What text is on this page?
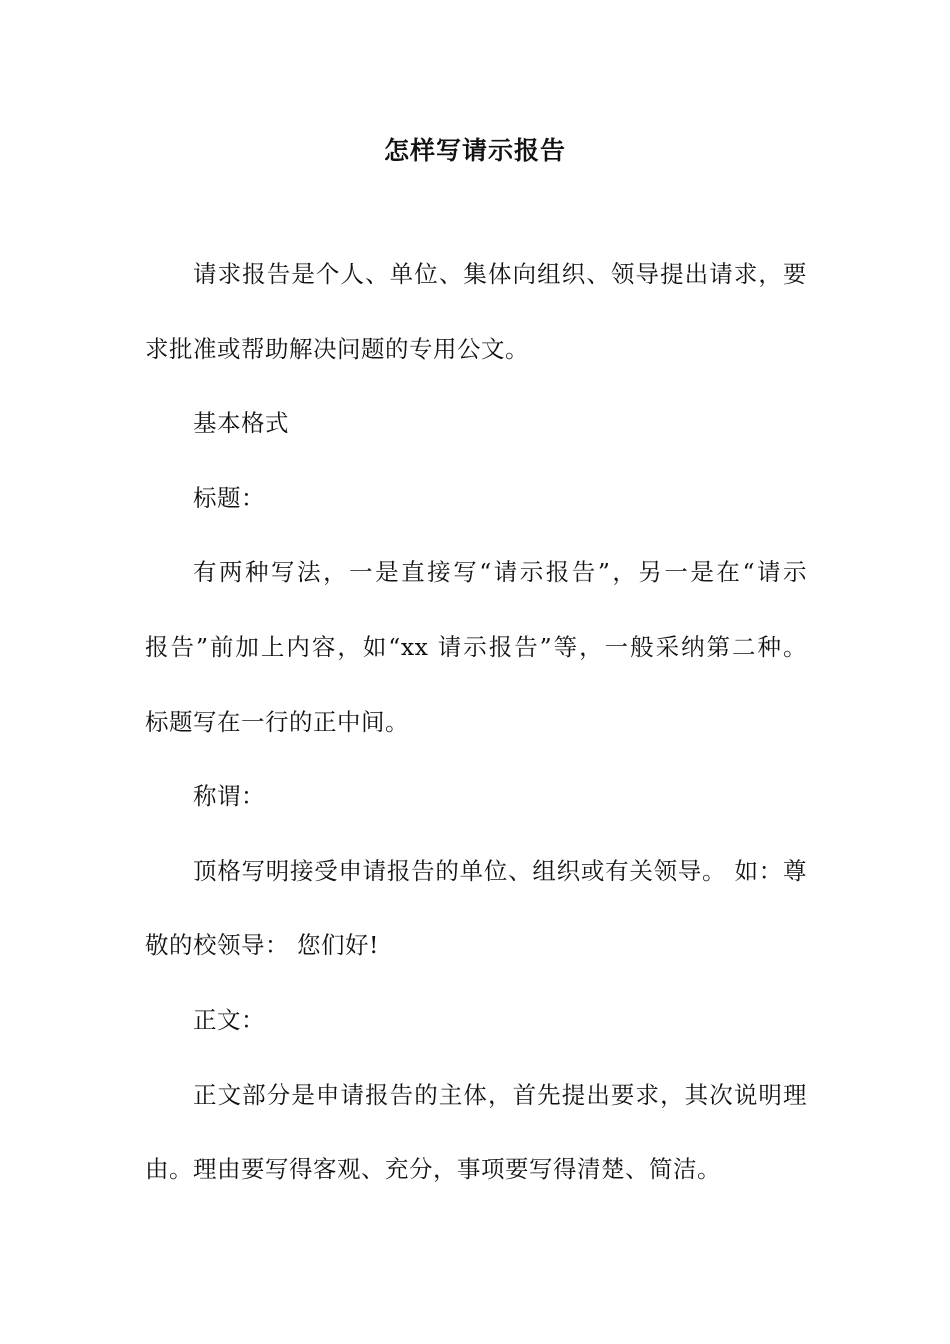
怎样写请示报告
请求报告是个人、单位、集体向组织、领导提出请求，要
求批准或帮助解决问题的专用公文。
基本格式
标题：
有两种写法，一是直接写“请示报告”，另一是在“请示
报告”前加上内容，如“xx 请示报告”等，一般采纳第二种。
标题写在一行的正中间。
称谓：
顶格写明接受申请报告的单位、组织或有关领导。 如：尊
敬的校领导： 您们好!
正文：
正文部分是申请报告的主体，首先提出要求，其次说明理
由。理由要写得客观、充分，事项要写得清楚、简洁。
